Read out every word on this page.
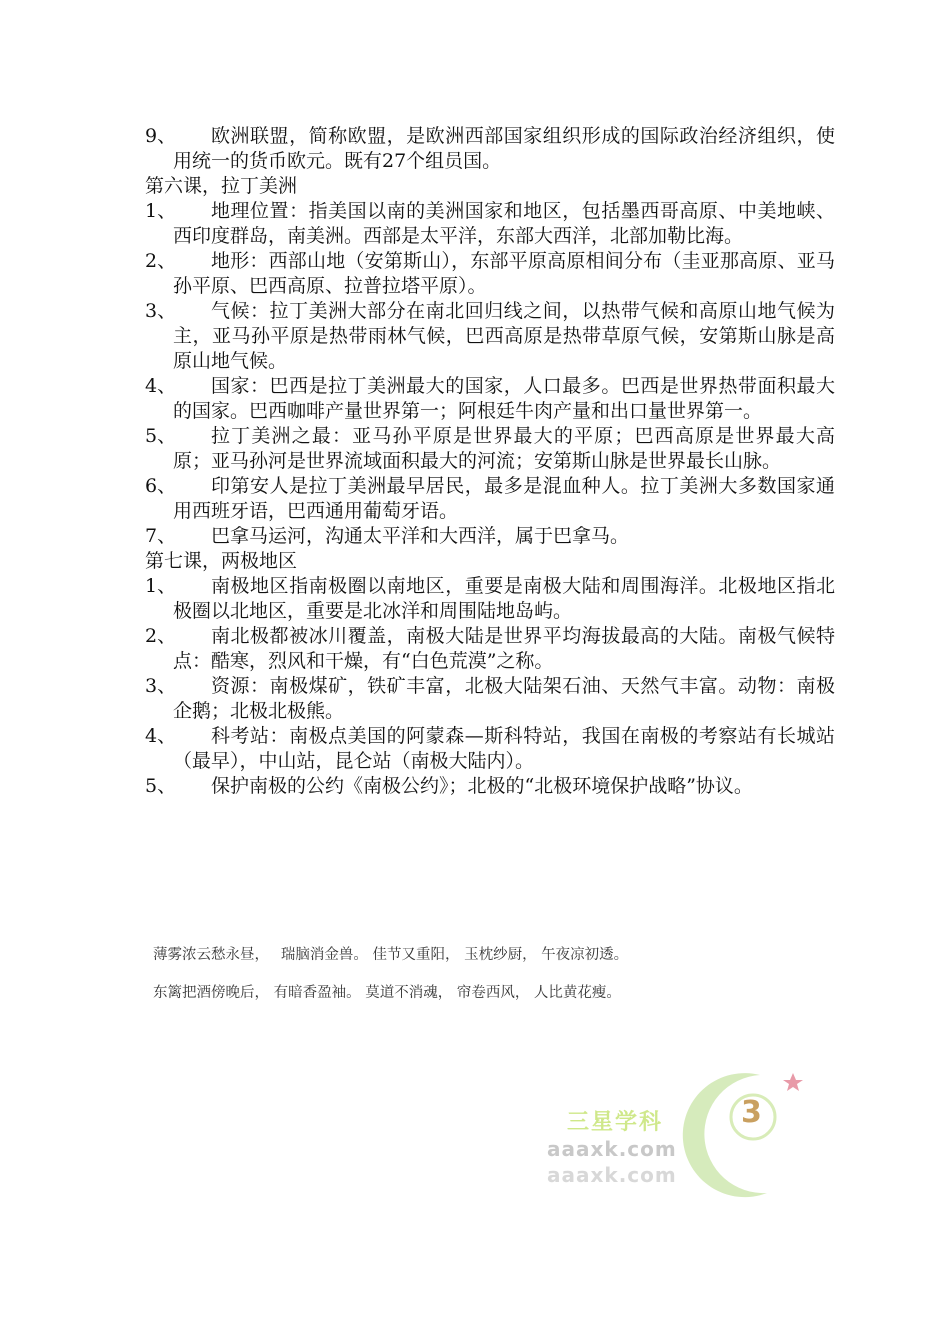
9、	欧洲联盟，简称欧盟，是欧洲西部国家组织形成的国际政治经济组织，使用统一的货币欧元。既有27个组员国。
第六课，拉丁美洲
1、	地理位置：指美国以南的美洲国家和地区，包括墨西哥高原、中美地峡、西印度群岛，南美洲。西部是太平洋，东部大西洋，北部加勒比海。
2、	地形：西部山地（安第斯山），东部平原高原相间分布（圭亚那高原、亚马孙平原、巴西高原、拉普拉塔平原）。
3、	气候：拉丁美洲大部分在南北回归线之间，以热带气候和高原山地气候为主，亚马孙平原是热带雨林气候，巴西高原是热带草原气候，安第斯山脉是高原山地气候。
4、	国家：巴西是拉丁美洲最大的国家，人口最多。巴西是世界热带面积最大的国家。巴西咖啡产量世界第一；阿根廷牛肉产量和出口量世界第一。
5、	拉丁美洲之最：亚马孙平原是世界最大的平原；巴西高原是世界最大高原；亚马孙河是世界流域面积最大的河流；安第斯山脉是世界最长山脉。
6、	印第安人是拉丁美洲最早居民，最多是混血种人。拉丁美洲大多数国家通用西班牙语，巴西通用葡萄牙语。
7、	巴拿马运河，沟通太平洋和大西洋，属于巴拿马。
第七课，两极地区
1、	南极地区指南极圈以南地区，重要是南极大陆和周围海洋。北极地区指北极圈以北地区，重要是北冰洋和周围陆地岛屿。
2、	南北极都被冰川覆盖，南极大陆是世界平均海拔最高的大陆。南极气候特点：酷寒，烈风和干燥，有“白色荒漠”之称。
3、	资源：南极煤矿，铁矿丰富，北极大陆架石油、天然气丰富。动物：南极企鹅；北极北极熊。
4、	科考站：南极点美国的阿蒙森—斯科特站，我国在南极的考察站有长城站（最早），中山站，昆仑站（南极大陆内）。
5、	保护南极的公约《南极公约》；北极的“北极环境保护战略”协议。

薄雾浓云愁永昼，　 瑞脑消金兽。 佳节又重阳， 玉枕纱厨， 午夜凉初透。

东篱把酒傍晚后， 有暗香盈袖。 莫道不消魂， 帘卷西风， 人比黄花瘦。

3
三星学科
aaaxk.com
aaaxk.com
